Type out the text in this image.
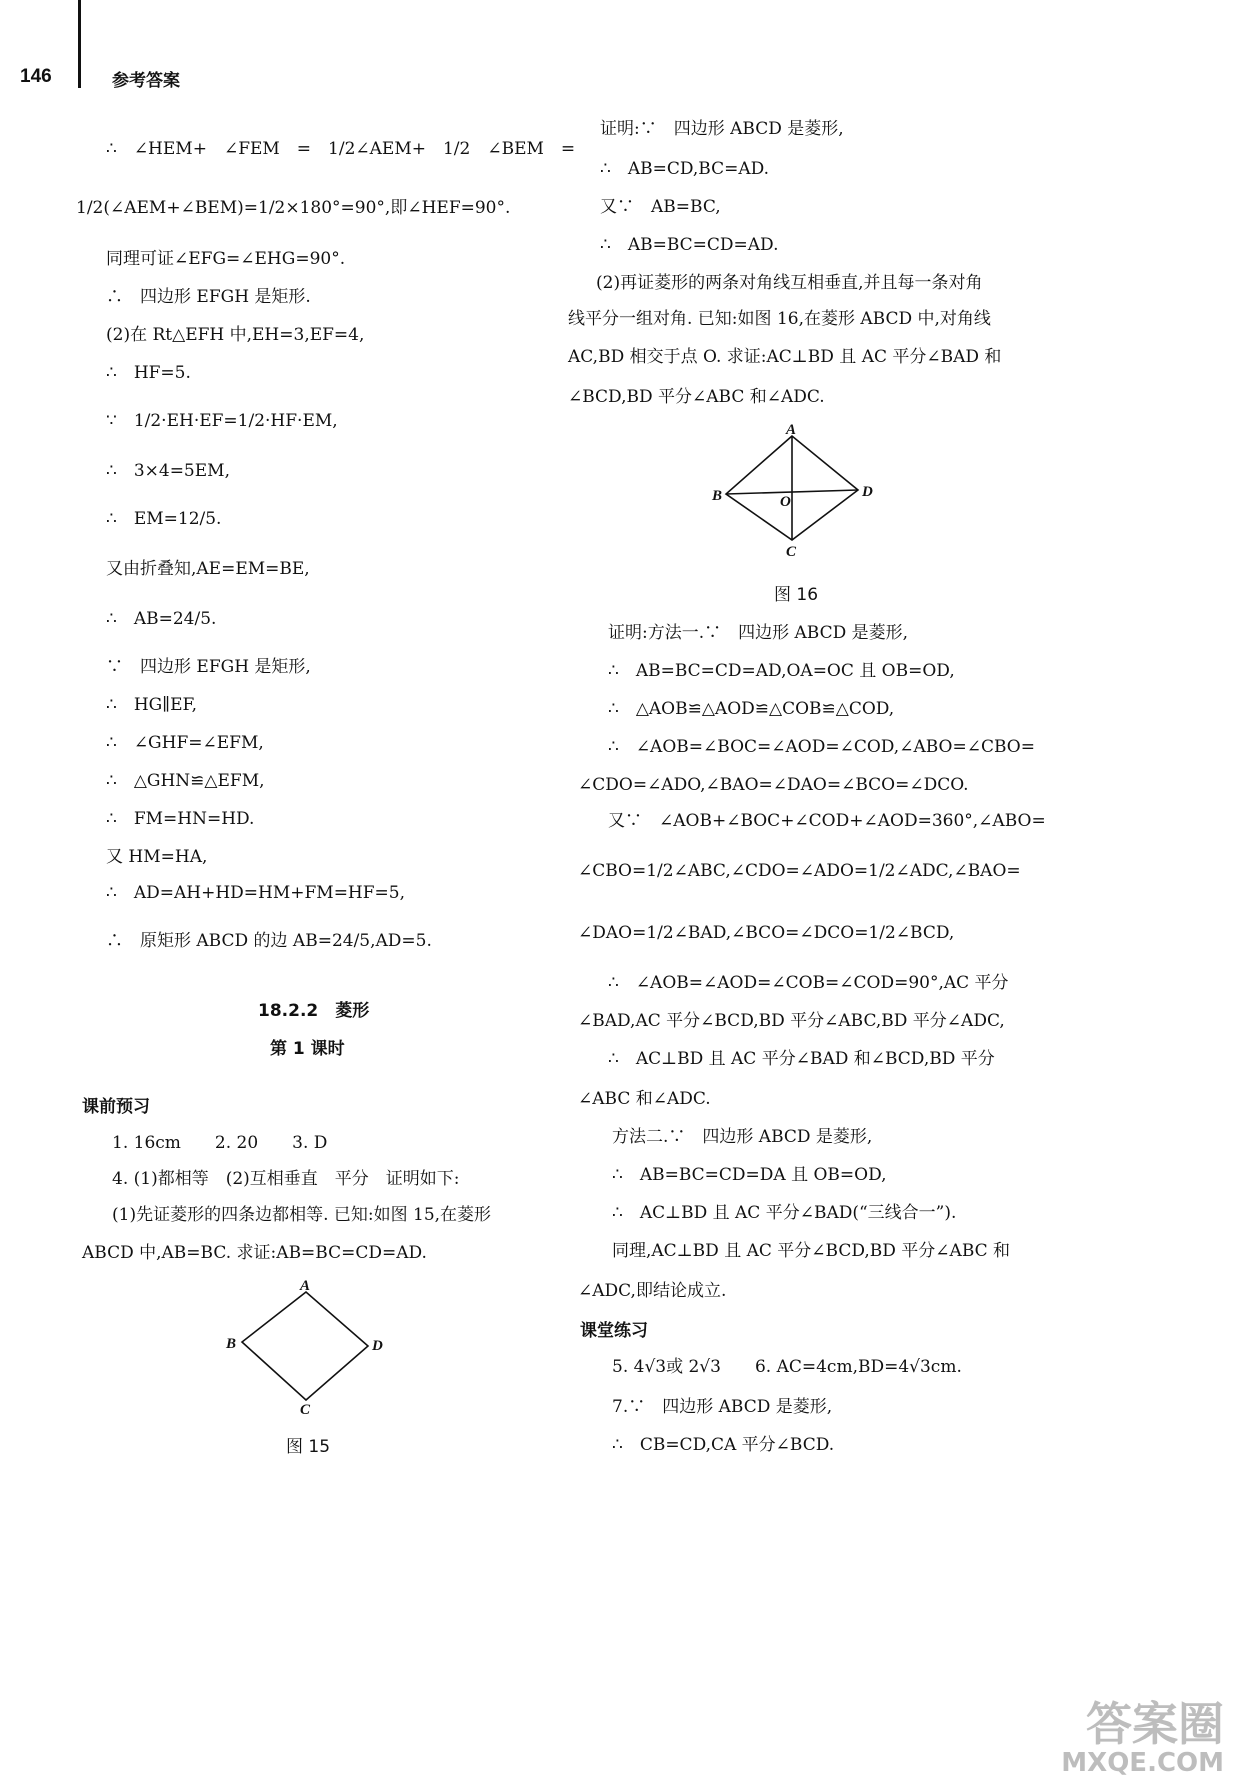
146	参考答案
∴　∠HEM+　∠FEM　=　1/2∠AEM+　1/2　∠BEM　=
1/2(∠AEM+∠BEM)=1/2×180°=90°,即∠HEF=90°.
同理可证∠EFG=∠EHG=90°.
∴　四边形 EFGH 是矩形.
(2)在 Rt△EFH 中,EH=3,EF=4,
∴　HF=5.
∵　1/2·EH·EF=1/2·HF·EM,
∴　3×4=5EM,
∴　EM=12/5.
又由折叠知,AE=EM=BE,
∴　AB=24/5.
∵　四边形 EFGH 是矩形,
∴　HG∥EF,
∴　∠GHF=∠EFM,
∴　△GHN≌△EFM,
∴　FM=HN=HD.
又 HM=HA,
∴　AD=AH+HD=HM+FM=HF=5,
∴　原矩形 ABCD 的边 AB=24/5,AD=5.
18.2.2　菱形
第 1 课时
课前预习
1. 16cm　　2. 20　　3. D
4. (1)都相等　(2)互相垂直　平分　证明如下:
(1)先证菱形的四条边都相等. 已知:如图 15,在菱形
ABCD 中,AB=BC. 求证:AB=BC=CD=AD.
A
B
C
D
图 15
证明:∵　四边形 ABCD 是菱形,
∴　AB=CD,BC=AD.
又∵　AB=BC,
∴　AB=BC=CD=AD.
(2)再证菱形的两条对角线互相垂直,并且每一条对角
线平分一组对角. 已知:如图 16,在菱形 ABCD 中,对角线
AC,BD 相交于点 O. 求证:AC⊥BD 且 AC 平分∠BAD 和
∠BCD,BD 平分∠ABC 和∠ADC.
A
B
C
D
O
图 16
证明:方法一.∵　四边形 ABCD 是菱形,
∴　AB=BC=CD=AD,OA=OC 且 OB=OD,
∴　△AOB≌△AOD≌△COB≌△COD,
∴　∠AOB=∠BOC=∠AOD=∠COD,∠ABO=∠CBO=
∠CDO=∠ADO,∠BAO=∠DAO=∠BCO=∠DCO.
又∵　∠AOB+∠BOC+∠COD+∠AOD=360°,∠ABO=
∠CBO=1/2∠ABC,∠CDO=∠ADO=1/2∠ADC,∠BAO=
∠DAO=1/2∠BAD,∠BCO=∠DCO=1/2∠BCD,
∴　∠AOB=∠AOD=∠COB=∠COD=90°,AC 平分
∠BAD,AC 平分∠BCD,BD 平分∠ABC,BD 平分∠ADC,
∴　AC⊥BD 且 AC 平分∠BAD 和∠BCD,BD 平分
∠ABC 和∠ADC.
方法二.∵　四边形 ABCD 是菱形,
∴　AB=BC=CD=DA 且 OB=OD,
∴　AC⊥BD 且 AC 平分∠BAD(“三线合一”).
同理,AC⊥BD 且 AC 平分∠BCD,BD 平分∠ABC 和
∠ADC,即结论成立.
课堂练习
5. 4√3或 2√3　　6. AC=4cm,BD=4√3cm.
7.∵　四边形 ABCD 是菱形,
∴　CB=CD,CA 平分∠BCD.
答案圈
MXQE.COM
